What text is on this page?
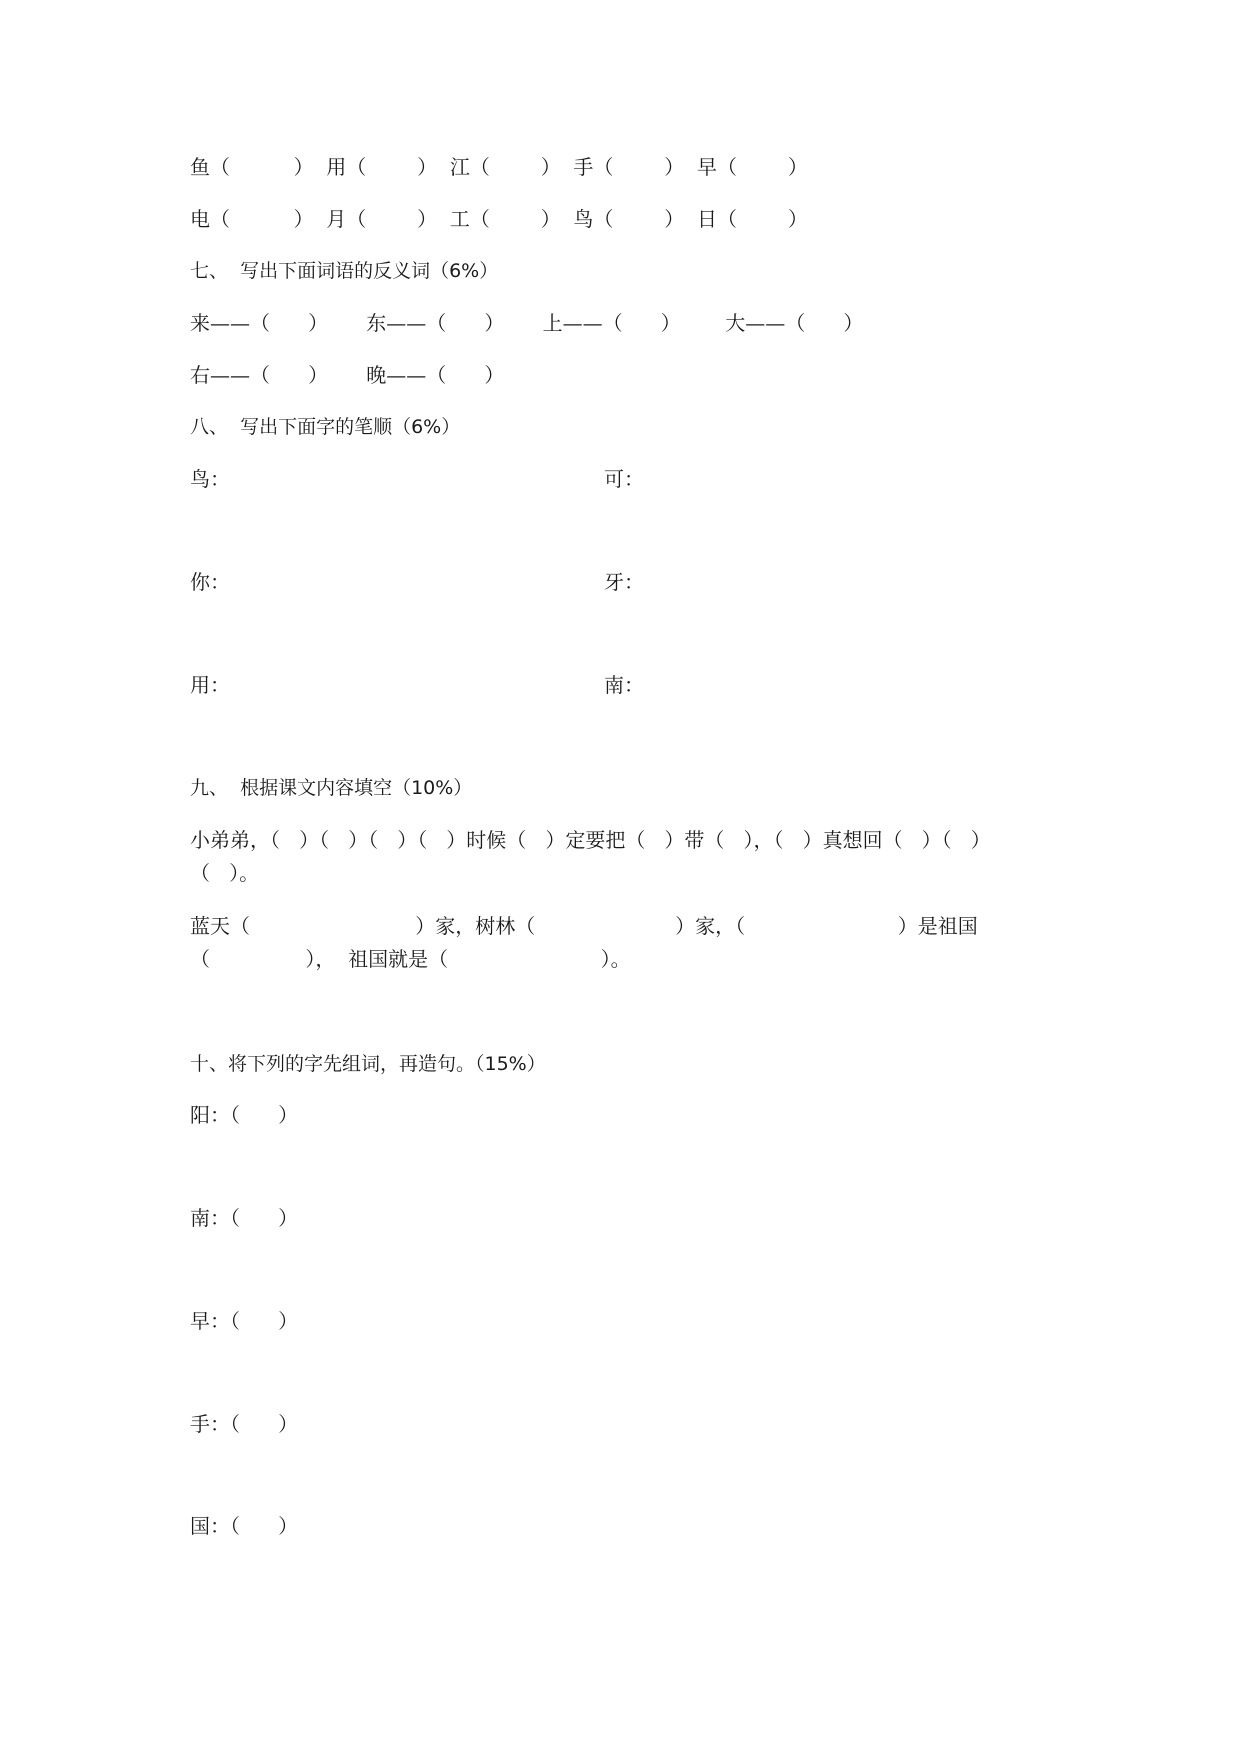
鱼（          ）  用（        ）  江（        ）  手（        ）  早（        ）
电（          ）  月（        ）  工（        ）  鸟（        ）  日（        ）
七、  写出下面词语的反义词（6%）
来——（      ）      东——（      ）      上——（      ）       大——（      ）
右——（      ）      晚——（      ）
八、  写出下面字的笔顺（6%）
鸟：	可：
你：	牙：
用：	南：
九、  根据课文内容填空（10%）
小弟弟，（   ）（   ）（   ）（   ）时候（   ）定要把（   ）带（   ），（   ）真想回（   ）（   ）
（   ）。
蓝天（                          ）家，树林（                      ）家，（                        ）是祖国
（               ），  祖国就是（                        ）。
十、将下列的字先组词，再造句。（15%）
阳：（      ）
南：（      ）
早：（      ）
手：（      ）
国：（      ）
